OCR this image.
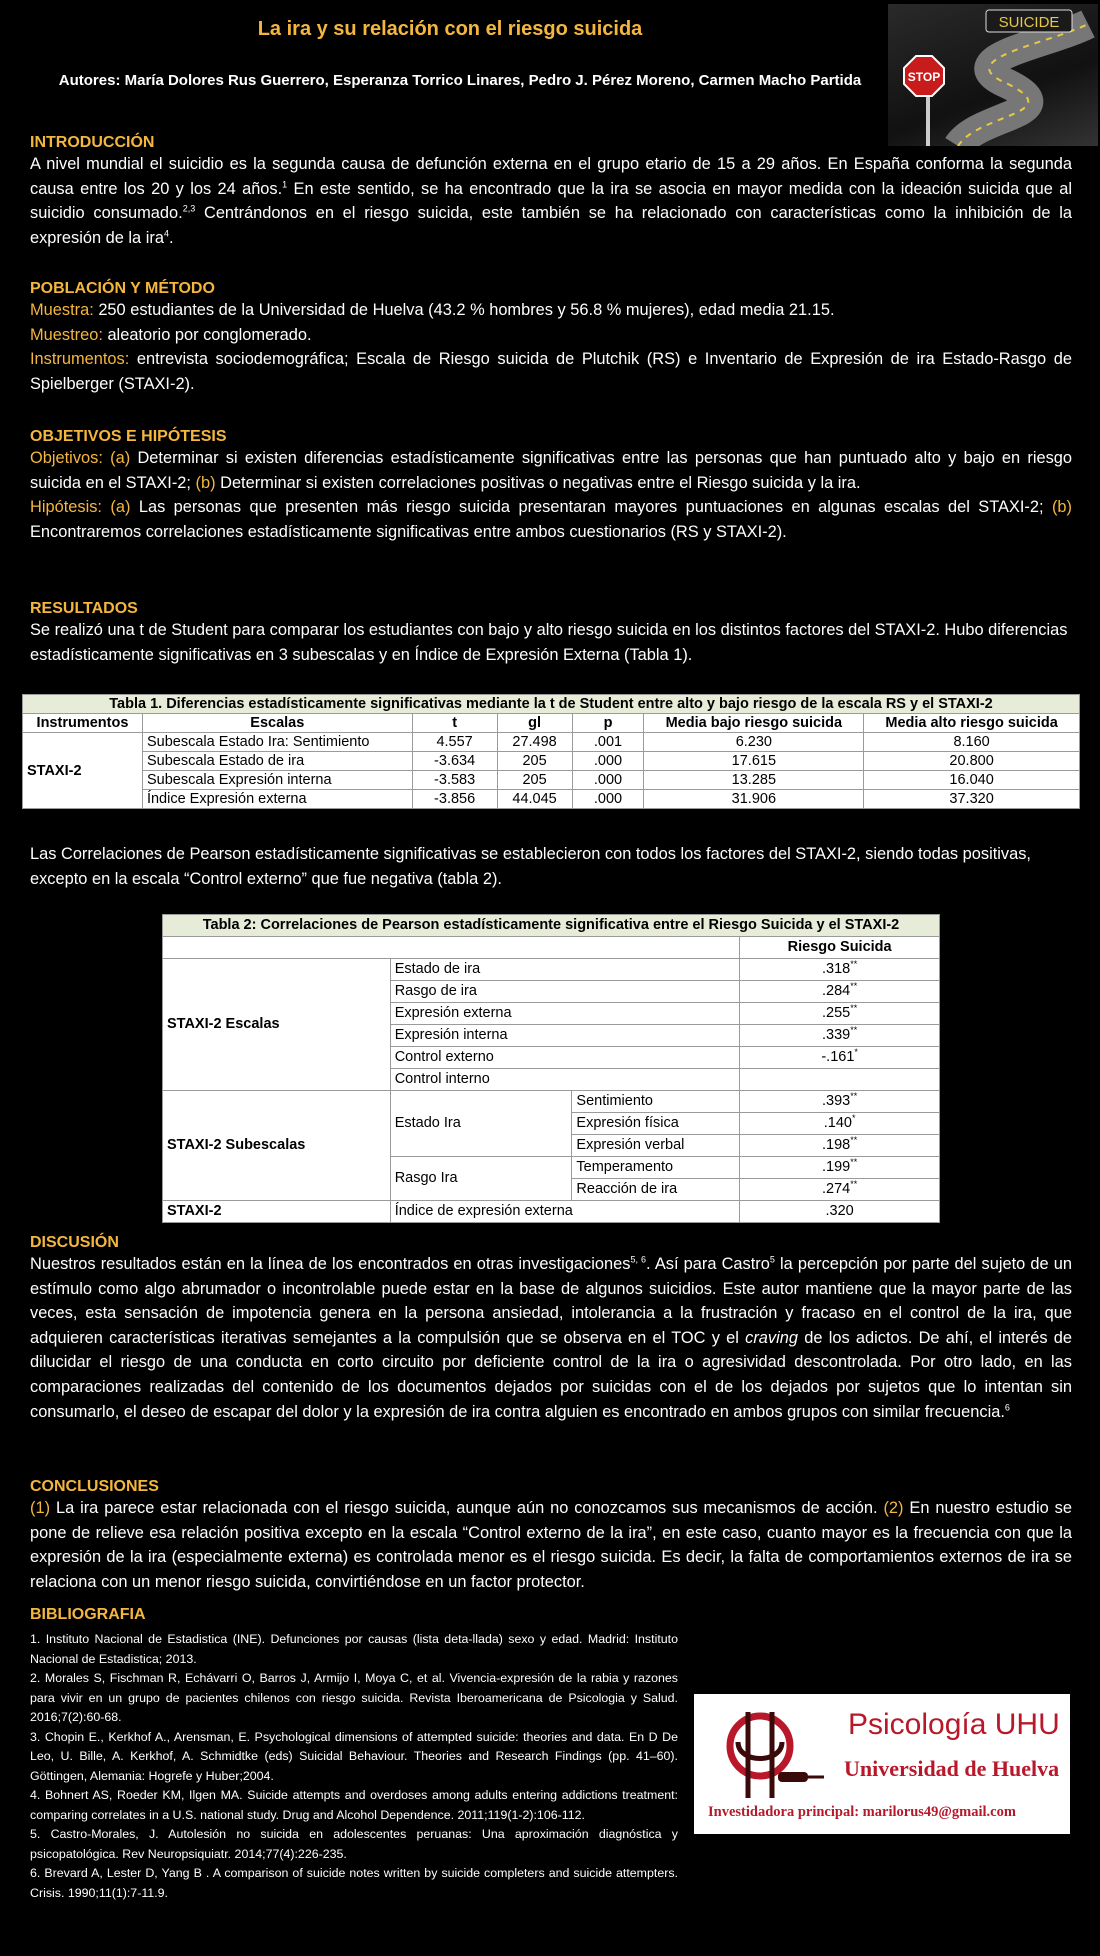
La ira y su relación con el riesgo suicida
Autores: María Dolores Rus Guerrero, Esperanza Torrico Linares, Pedro J. Pérez Moreno, Carmen Macho Partida
SUICIDE
STOP

INTRODUCCIÓN

A nivel mundial el suicidio es la segunda causa de defunción externa en el grupo etario de 15 a 29 años. En España conforma la segunda causa entre los 20 y los 24 años.$^1$ En este sentido, se ha encontrado que la ira se asocia en mayor medida con la ideación suicida que al suicidio consumado.$^{2,3}$ Centrándonos en el riesgo suicida, este también se ha relacionado con características como la inhibición de la expresión de la ira$^4$.

POBLACIÓN Y MÉTODO

Muestra: 250 estudiantes de la Universidad de Huelva (43.2 % hombres y 56.8 % mujeres), edad media 21.15.

Muestreo: aleatorio por conglomerado.

Instrumentos: entrevista sociodemográfica; Escala de Riesgo suicida de Plutchik (RS) e Inventario de Expresión de ira Estado-Rasgo de Spielberger (STAXI-2).

OBJETIVOS E HIPÓTESIS

Objetivos: (a) Determinar si existen diferencias estadísticamente significativas entre las personas que han puntuado alto y bajo en riesgo suicida en el STAXI-2; (b) Determinar si existen correlaciones positivas o negativas entre el Riesgo suicida y la ira.

Hipótesis: (a) Las personas que presenten más riesgo suicida presentaran mayores puntuaciones en algunas escalas del STAXI-2; (b) Encontraremos correlaciones estadísticamente significativas entre ambos cuestionarios (RS y STAXI-2).

RESULTADOS

Se realizó una t de Student para comparar los estudiantes con bajo y alto riesgo suicida en los distintos factores del STAXI-2. Hubo diferencias estadísticamente significativas en 3 subescalas y en Índice de Expresión Externa (Tabla 1).

Tabla 1. Diferencias estadísticamente significativas mediante la t de Student entre alto y bajo riesgo de la escala RS y el STAXI-2						
Instrumentos	Escalas	t	gl	p	Media bajo riesgo suicida	Media alto riesgo suicida
STAXI-2	Subescala Estado Ira: Sentimiento	4.557	27.498	.001	6.230	8.160
	Subescala Estado de ira	-3.634	205	.000	17.615	20.800
	Subescala Expresión interna	-3.583	205	.000	13.285	16.040
	Índice Expresión externa	-3.856	44.045	.000	31.906	37.320

Las Correlaciones de Pearson estadísticamente significativas se establecieron con todos los factores del STAXI-2, siendo todas positivas, excepto en la escala “Control externo” que fue negativa (tabla 2).

Tabla 2: Correlaciones de Pearson estadísticamente significativa entre el Riesgo Suicida y el STAXI-2			
			Riesgo Suicida
STAXI-2 Escalas	Estado de ira		.318**
	Rasgo de ira		.284**
	Expresión externa		.255**
	Expresión interna		.339**
	Control externo		-.161*
	Control interno		
STAXI-2 Subescalas	Estado Ira	Sentimiento	.393**
		Expresión física	.140*
		Expresión verbal	.198**
	Rasgo Ira	Temperamento	.199**
		Reacción de ira	.274**
STAXI-2	Índice de expresión externa		.320

DISCUSIÓN

Nuestros resultados están en la línea de los encontrados en otras investigaciones$^{5, 6}$. Así para Castro$^5$ la percepción por parte del sujeto de un estímulo como algo abrumador o incontrolable puede estar en la base de algunos suicidios. Este autor mantiene que la mayor parte de las veces, esta sensación de impotencia genera en la persona ansiedad, intolerancia a la frustración y fracaso en el control de la ira, que adquieren características iterativas semejantes a la compulsión que se observa en el TOC y el craving de los adictos. De ahí, el interés de dilucidar el riesgo de una conducta en corto circuito por deficiente control de la ira o agresividad descontrolada. Por otro lado, en las comparaciones realizadas del contenido de los documentos dejados por suicidas con el de los dejados por sujetos que lo intentan sin consumarlo, el deseo de escapar del dolor y la expresión de ira contra alguien es encontrado en ambos grupos con similar frecuencia.$^6$

CONCLUSIONES

(1) La ira parece estar relacionada con el riesgo suicida, aunque aún no conozcamos sus mecanismos de acción. (2) En nuestro estudio se pone de relieve esa relación positiva excepto en la escala “Control externo de la ira”, en este caso, cuanto mayor es la frecuencia con que la expresión de la ira (especialmente externa) es controlada menor es el riesgo suicida. Es decir, la falta de comportamientos externos de ira se relaciona con un menor riesgo suicida, convirtiéndose en un factor protector.

BIBLIOGRAFIA

1. Instituto Nacional de Estadistica (INE). Defunciones por causas (lista deta-llada) sexo y edad. Madrid: Instituto Nacional de Estadistica; 2013.

2. Morales S, Fischman R, Echávarri O, Barros J, Armijo I, Moya C, et al. Vivencia-expresión de la rabia y razones para vivir en un grupo de pacientes chilenos con riesgo suicida. Revista Iberoamericana de Psicologia y Salud. 2016;7(2):60-68.

3. Chopin E., Kerkhof A., Arensman, E. Psychological dimensions of attempted suicide: theories and data. En D De Leo, U. Bille, A. Kerkhof, A. Schmidtke (eds) Suicidal Behaviour. Theories and Research Findings (pp. 41–60). Göttingen, Alemania: Hogrefe y Huber;2004.

4. Bohnert AS, Roeder KM, Ilgen MA. Suicide attempts and overdoses among adults entering addictions treatment: comparing correlates in a U.S. national study. Drug and Alcohol Dependence. 2011;119(1-2):106-112.

5. Castro-Morales, J. Autolesión no suicida en adolescentes peruanas: Una aproximación diagnóstica y psicopatológica. Rev Neuropsiquiatr. 2014;77(4):226-235.

6. Brevard A, Lester D, Yang B . A comparison of suicide notes written by suicide completers and suicide attempters. Crisis. 1990;11(1):7-11.9.

Psicología UHU
Universidad de Huelva
Investidadora principal: marilorus49@gmail.com
